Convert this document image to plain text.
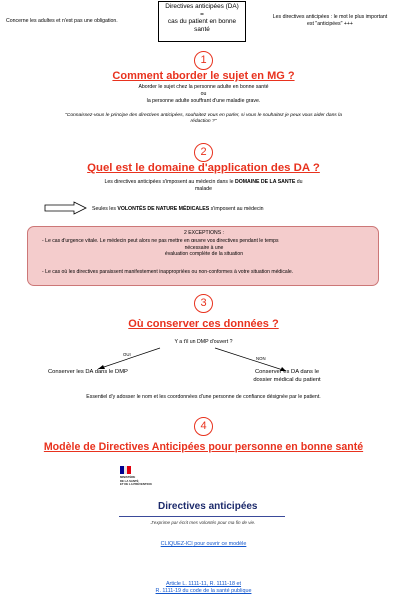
Concerne les adultes et n'est pas une obligation.
Directives anticipées (DA)
=
cas du patient en bonne
santé
Les directives anticipées : le mot le plus important
est "anticipées" +++
1
Comment aborder le sujet en MG ?
Aborder le sujet chez la personne adulte en bonne santé
ou
la personne adulte souffrant d'une maladie grave.
"Connaissez-vous le principe des directives anticipées, souhaitez vous en parler, si vous le souhaitez je peux vous aider dans la
rédaction ?"
2
Quel est le domaine d'application des DA ?
Les directives anticipées s'imposent au médecin dans le DOMAINE DE LA SANTE du
malade
Seules les VOLONTÉS DE NATURE MÉDICALES s'imposent au médecin
2 EXCEPTIONS :
- Le cas d'urgence vitale. Le médecin peut alors ne pas mettre en œuvre vos directives pendant le temps
nécessaire à une
évaluation complète de la situation
- Le cas où les directives paraissent manifestement inappropriées ou non-conformes à votre situation médicale.
3
Où conserver ces données ?
Y a t'il un DMP d'ouvert ?
OUI
NON
Conserver les DA dans le DMP	Conserver es DA dans le
dossier médical du patient
Essentiel d'y adosser le nom et les coordonnées d'une personne de confiance désignée par le patient.
4
Modèle de Directives Anticipées pour personne en bonne santé
MINISTÈRE
DE LA SANTÉ
ET DE LA PRÉVENTION
Directives anticipées
J'exprime par écrit mes volontés pour ma fin de vie.
CLIQUEZ-ICI pour ouvrir ce modèle
Article L. 1111-11, R. 1111-18 et
R. 1111-19 du code de la santé publique
